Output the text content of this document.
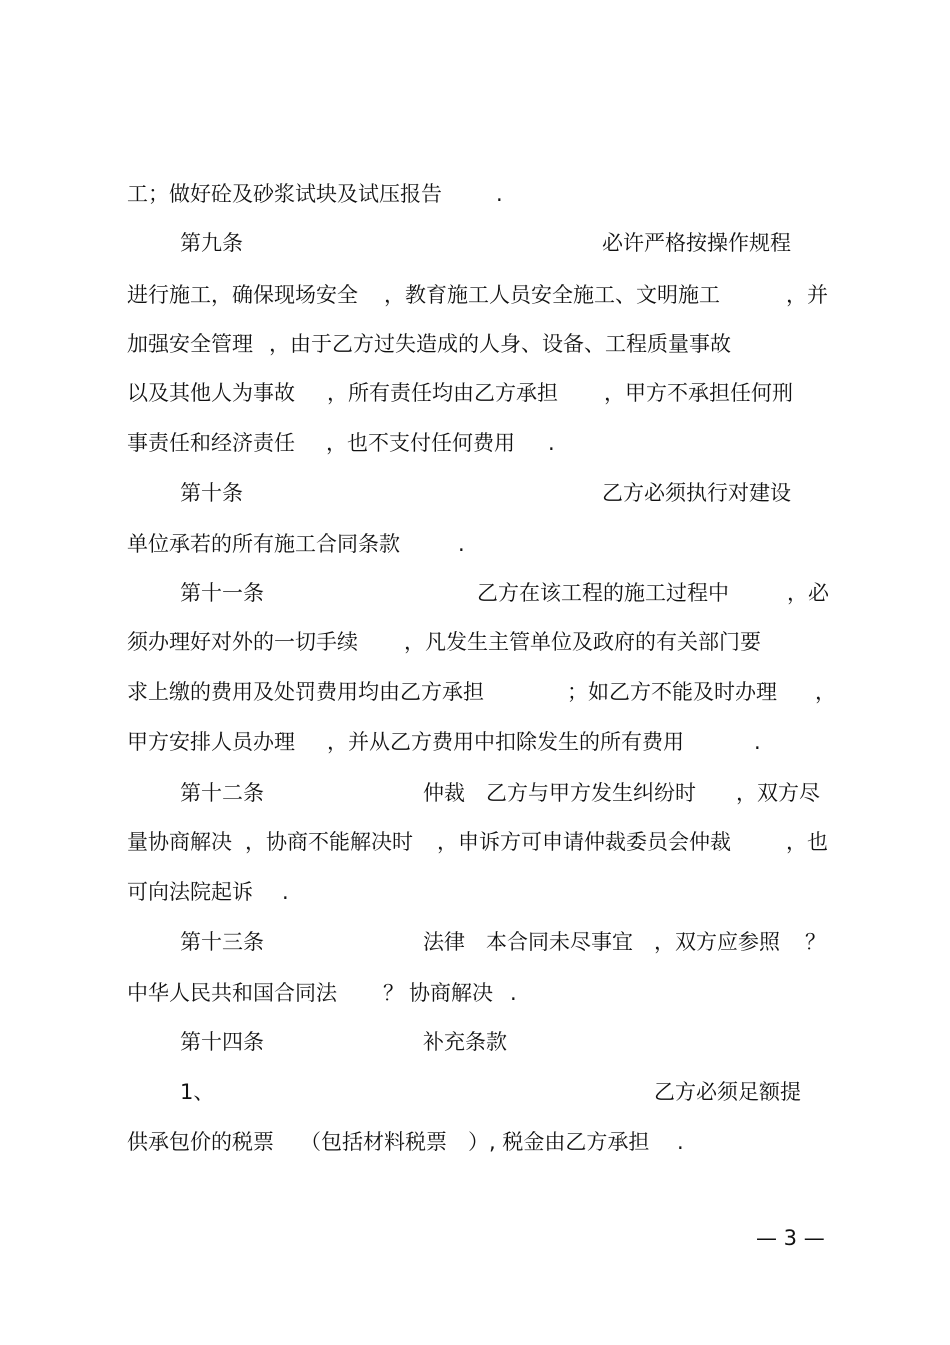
工；做好砼及砂浆试块及试压报告	.
第九条	必许严格按操作规程
进行施工，确保现场安全 ，教育施工人员安全施工、文明施工	，并
加强安全管理 ，由于乙方过失造成的人身、设备、工程质量事故
以及其他人为事故 ，所有责任均由乙方承担 ，甲方不承担任何刑
事责任和经济责任 ，也不支付任何费用 .
第十条	乙方必须执行对建设
单位承若的所有施工合同条款	.
第十一条	乙方在该工程的施工过程中	，必
须办理好对外的一切手续 ，凡发生主管单位及政府的有关部门要
求上缴的费用及处罚费用均由乙方承担	；如乙方不能及时办理 ，
甲方安排人员办理 ，并从乙方费用中扣除发生的所有费用	.
第十二条	仲裁 乙方与甲方发生纠纷时 ，双方尽
量协商解决 ，协商不能解决时 ，申诉方可申请仲裁委员会仲裁	，也
可向法院起诉 .
第十三条	法律 本合同未尽事宜 ，双方应参照 ？
中华人民共和国合同法 ？ 协商解决 .
第十四条	补充条款
1、	乙方必须足额提
供承包价的税票 （包括材料税票 ）, 税金由乙方承担 .
— 3 —
